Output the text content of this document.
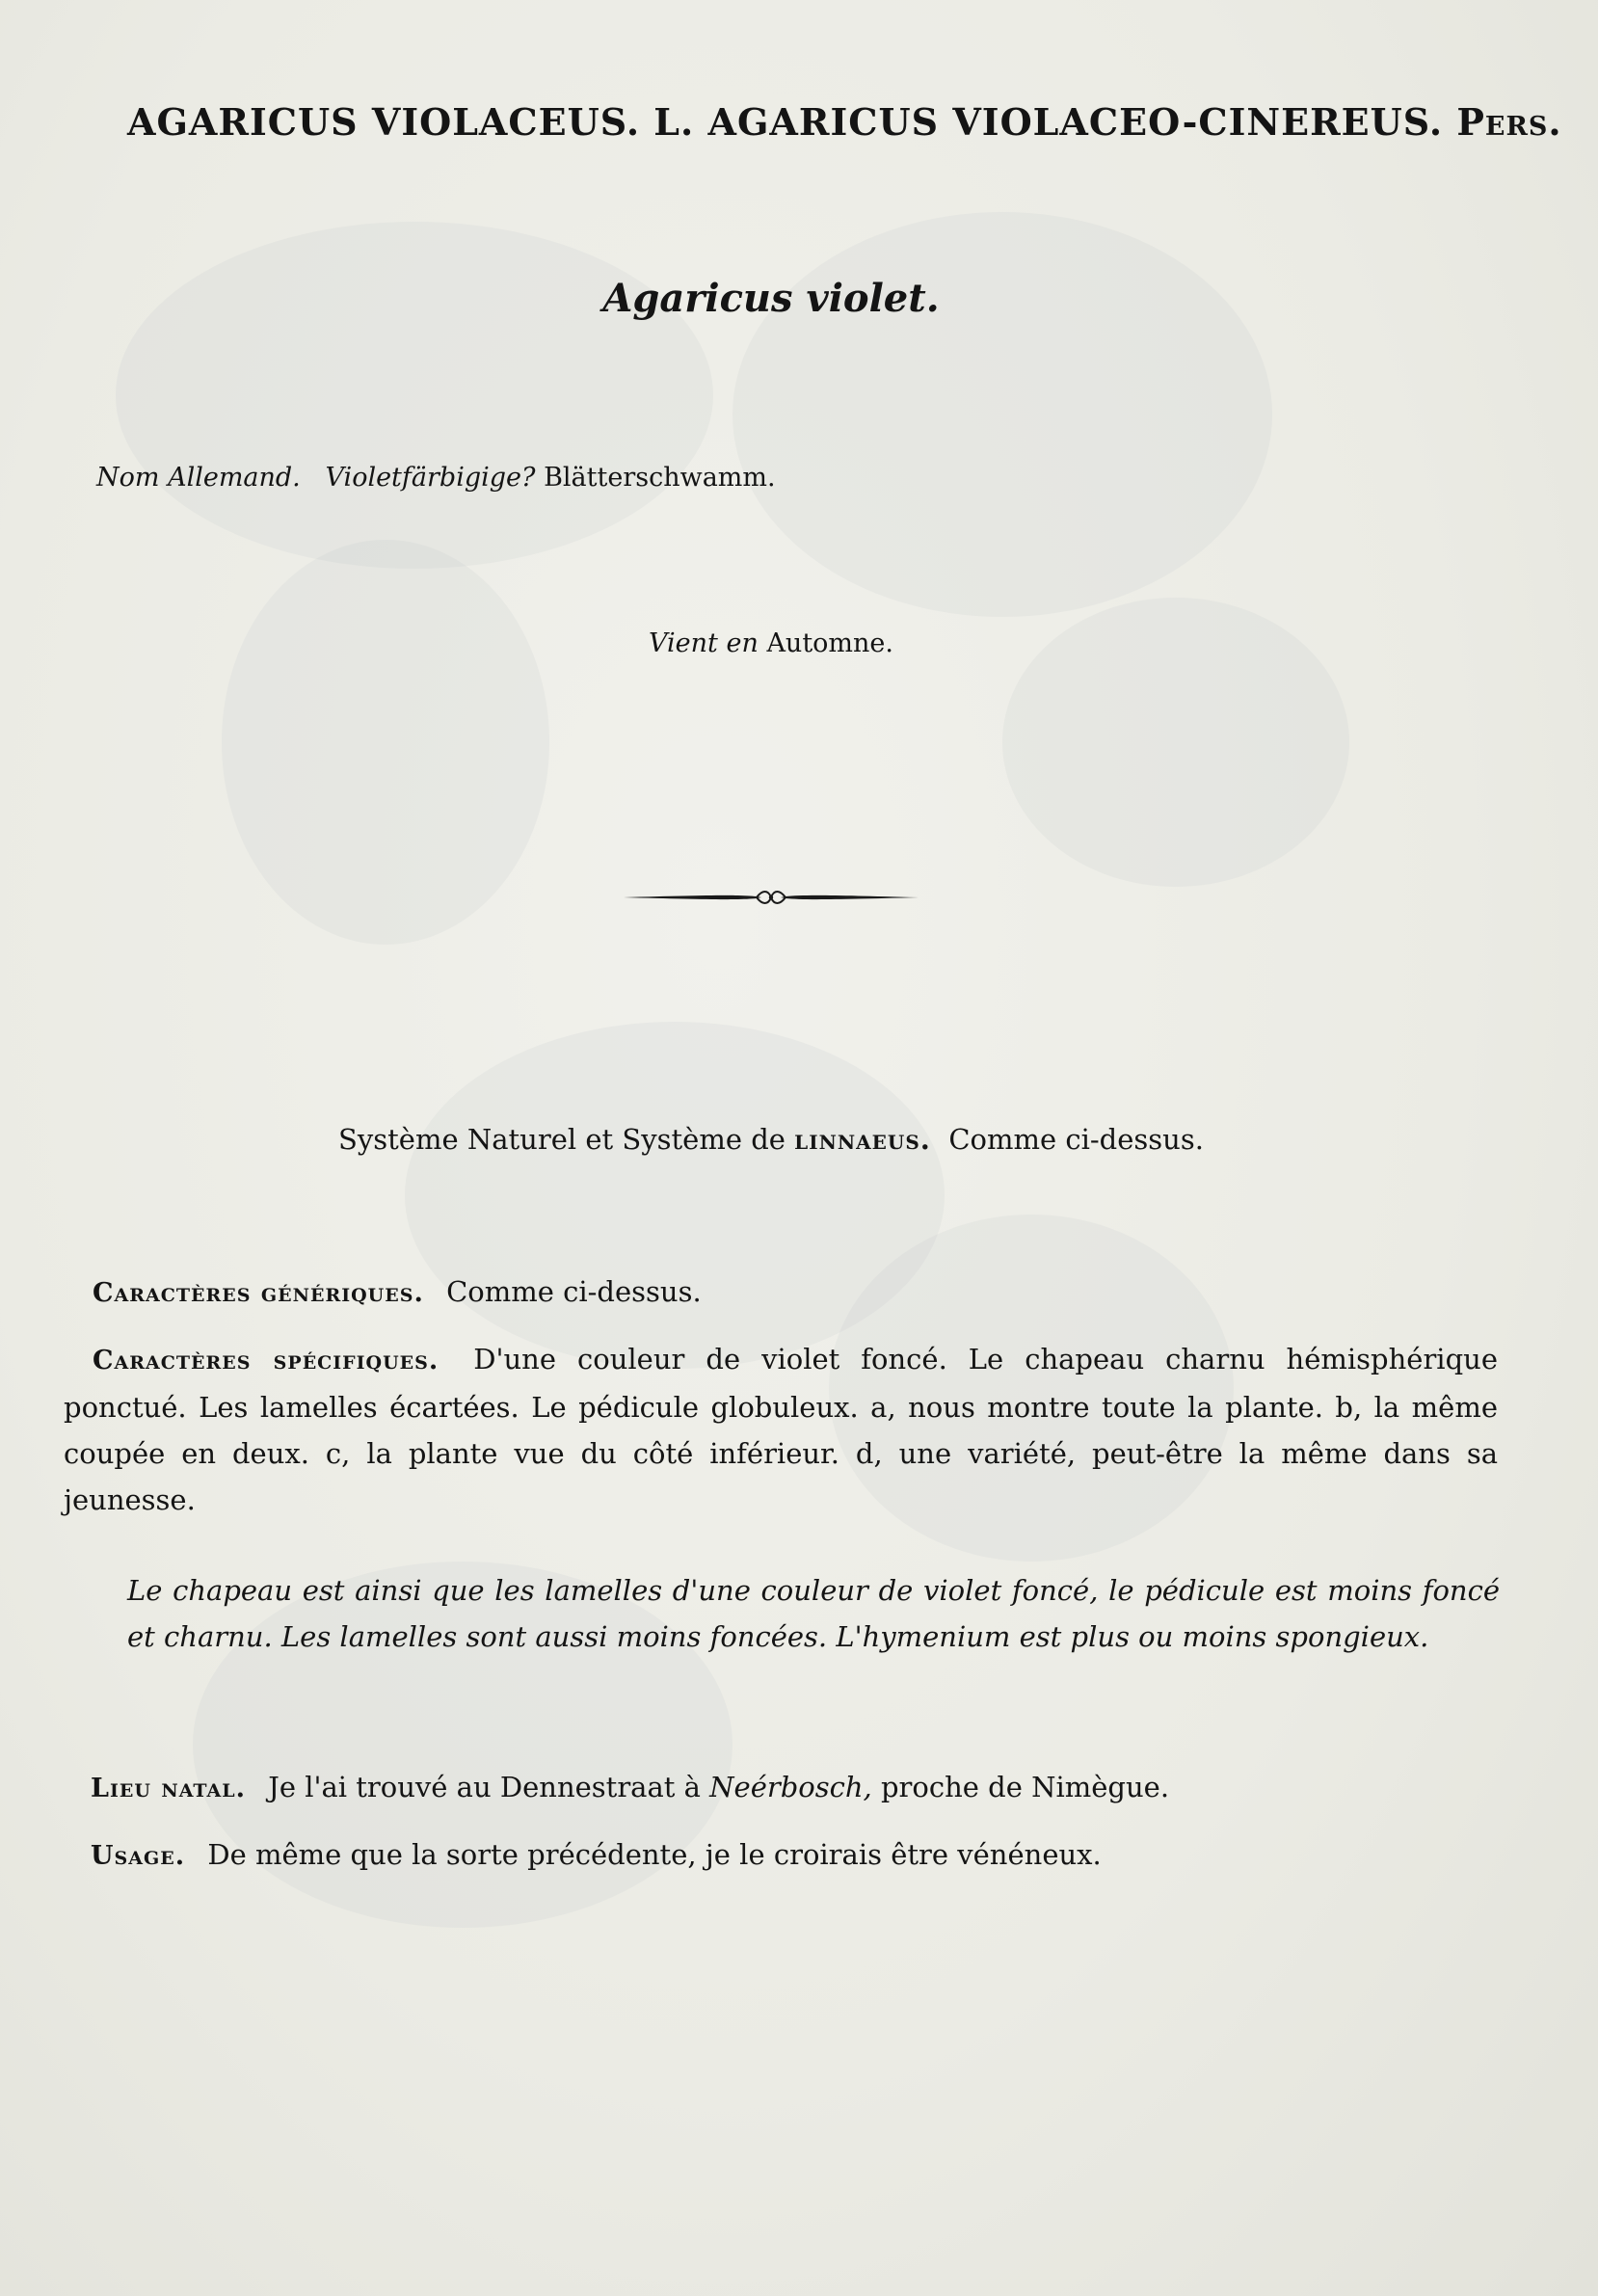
AGARICUS VIOLACEUS. L. AGARICUS VIOLACEO-CINEREUS. Pers.
Agaricus violet.
Nom Allemand. Violetfärbigige? Blätterschwamm.
Vient en Automne.
Système Naturel et Système de linnaeus. Comme ci-dessus.
Caractères génériques. Comme ci-dessus.
Caractères spécifiques. D'une couleur de violet foncé. Le chapeau charnu hémisphérique ponctué. Les lamelles écartées. Le pédicule globuleux. a, nous montre toute la plante. b, la même coupée en deux. c, la plante vue du côté inférieur. d, une variété, peut-être la même dans sa jeunesse.
Le chapeau est ainsi que les lamelles d'une couleur de violet foncé, le pédicule est moins foncé et charnu. Les lamelles sont aussi moins foncées. L'hymenium est plus ou moins spongieux.
Lieu natal. Je l'ai trouvé au Dennestraat à Neérbosch, proche de Nimègue.
Usage. De même que la sorte précédente, je le croirais être vénéneux.
